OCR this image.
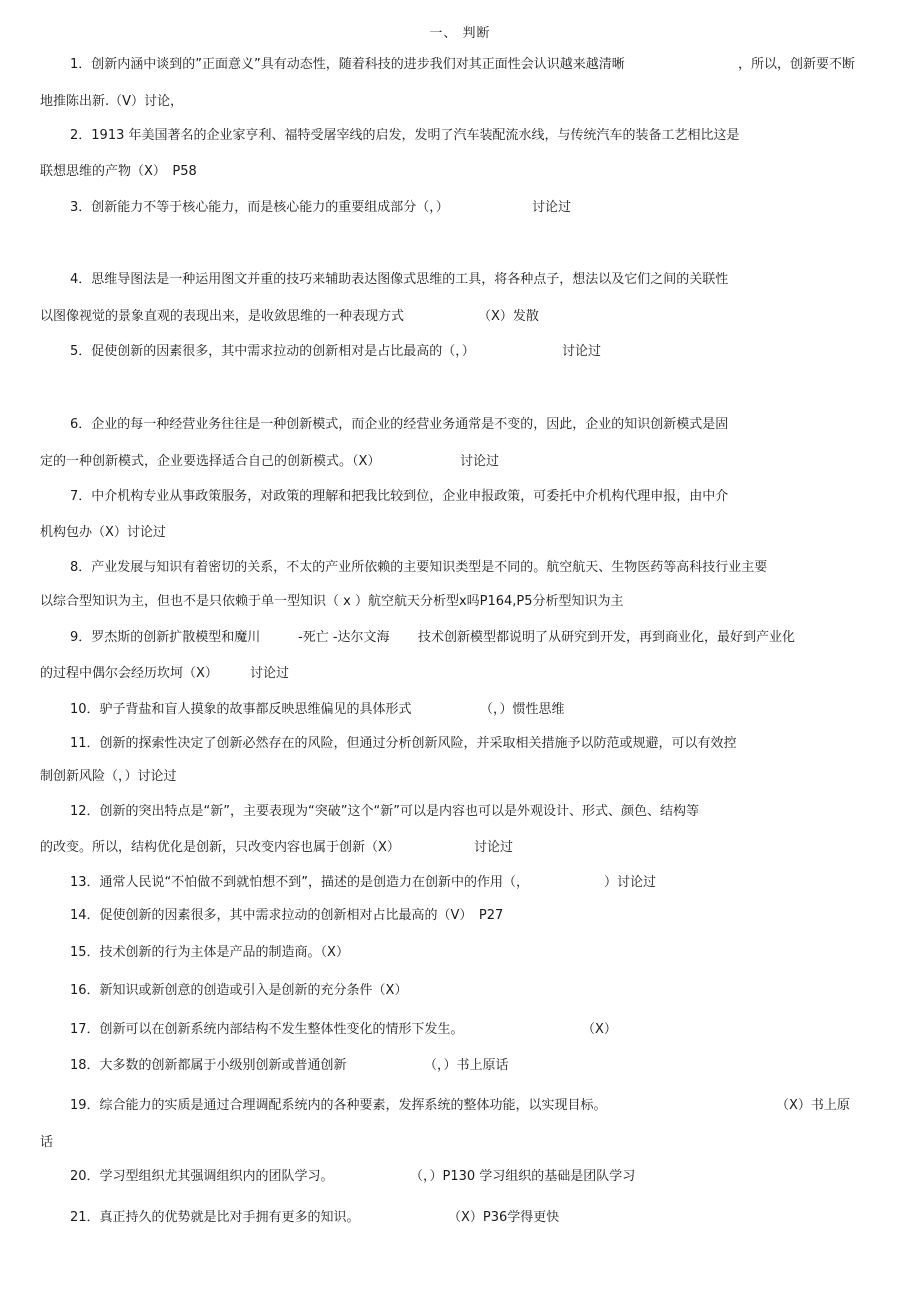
一、 判断
1．创新内涵中谈到的”正面意义”具有动态性，随着科技的进步我们对其正面性会认识越来越清晰	，所以，创新要不断
地推陈出新.（V）讨论，
2．1913 年美国著名的企业家亨利、福特受屠宰线的启发，发明了汽车装配流水线，与传统汽车的装备工艺相比这是
联想思维的产物（X）　P58
3．创新能力不等于核心能力，而是核心能力的重要组成部分（，）	讨论过
4．思维导图法是一种运用图文并重的技巧来辅助表达图像式思维的工具，将各种点子，想法以及它们之间的关联性
以图像视觉的景象直观的表现出来，是收敛思维的一种表现方式	（X）发散
5．促使创新的因素很多，其中需求拉动的创新相对是占比最高的（，）	讨论过
6．企业的每一种经营业务往往是一种创新模式，而企业的经营业务通常是不变的，因此，企业的知识创新模式是固
定的一种创新模式，企业要选择适合自己的创新模式。（X）	讨论过
7．中介机构专业从事政策服务，对政策的理解和把我比较到位，企业申报政策，可委托中介机构代理申报，由中介
机构包办（X）讨论过
8．产业发展与知识有着密切的关系，不太的产业所依赖的主要知识类型是不同的。航空航天、生物医药等高科技行业主要
以综合型知识为主，但也不是只依赖于单一型知识（ x ）航空航天分析型x吗P164,P5分析型知识为主
9．罗杰斯的创新扩散模型和魔川	-死亡 -达尔文海 技术创新模型都说明了从研究到开发，再到商业化，最好到产业化
的过程中偶尔会经历坎坷（X） 讨论过
10．驴子背盐和盲人摸象的故事都反映思维偏见的具体形式	（，）惯性思维
11．创新的探索性决定了创新必然存在的风险，但通过分析创新风险，并采取相关措施予以防范或规避，可以有效控
制创新风险（，）讨论过
12．创新的突出特点是“新”，主要表现为“突破”这个“新”可以是内容也可以是外观设计、形式、颜色、结构等
的改变。所以，结构优化是创新，只改变内容也属于创新（X）	讨论过
13．通常人民说“不怕做不到就怕想不到”，描述的是创造力在创新中的作用（，	）讨论过
14．促使创新的因素很多，其中需求拉动的创新相对占比最高的（V）　P27
15．技术创新的行为主体是产品的制造商。（X）
16．新知识或新创意的创造或引入是创新的充分条件（X）
17．创新可以在创新系统内部结构不发生整体性变化的情形下发生。	（X）
18．大多数的创新都属于小级别创新或普通创新	（，）书上原话
19．综合能力的实质是通过合理调配系统内的各种要素，发挥系统的整体功能，以实现目标。	（X）书上原
话
20．学习型组织尤其强调组织内的团队学习。	（，）P130 学习组织的基础是团队学习
21．真正持久的优势就是比对手拥有更多的知识。	（X）P36学得更快
